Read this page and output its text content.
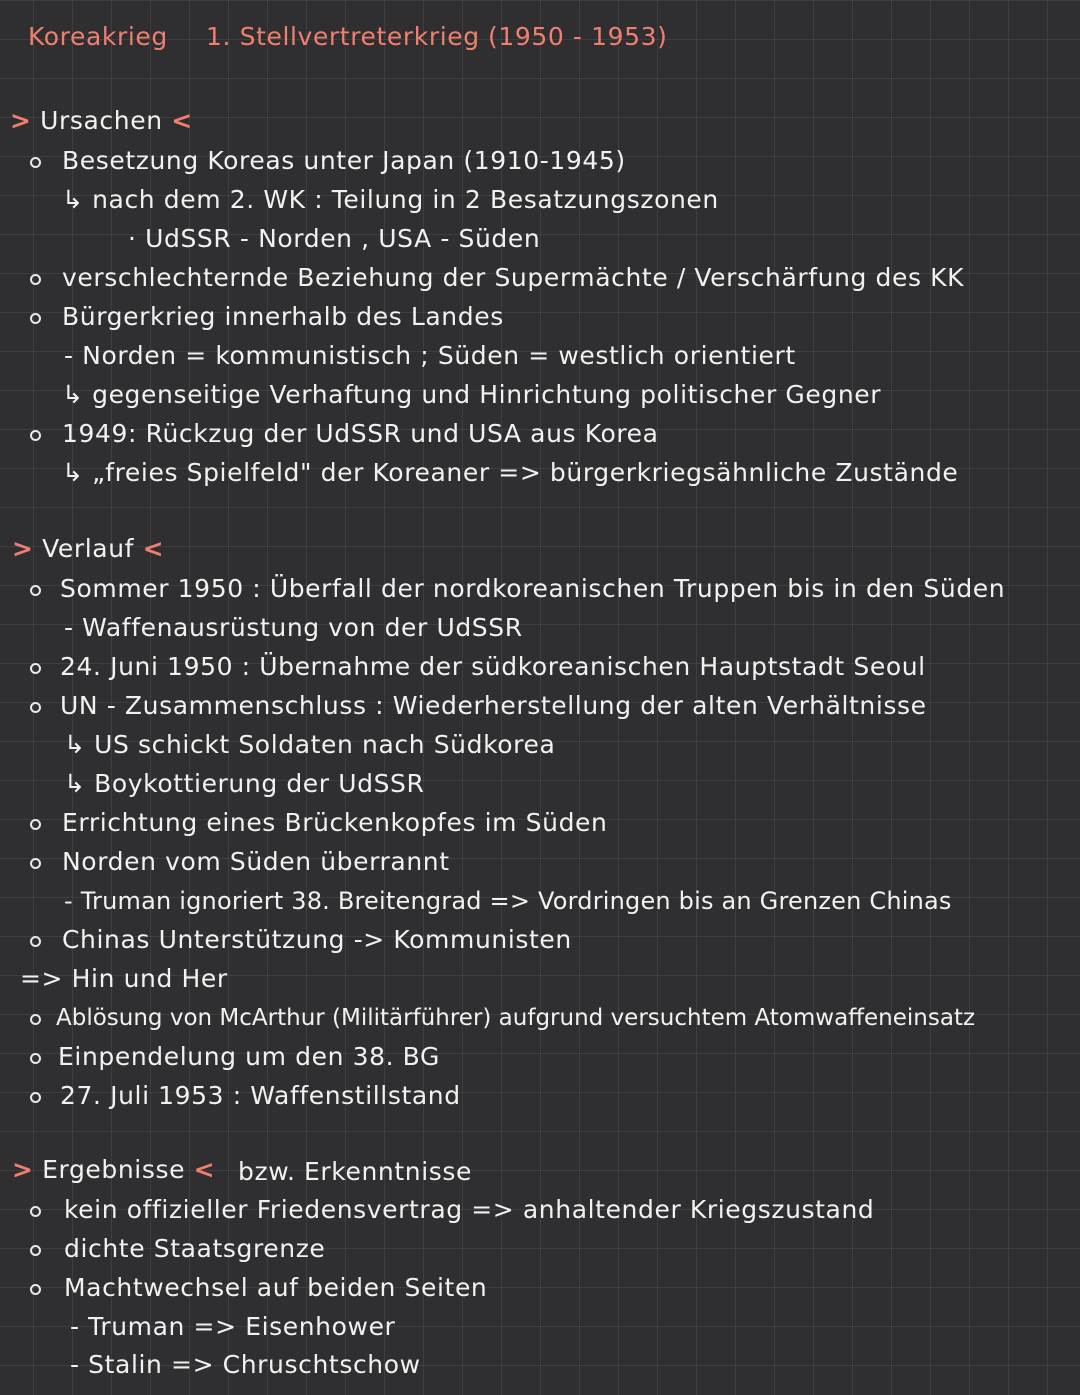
Koreakrieg 1. Stellvertreterkrieg (1950 - 1953)
> Ursachen <
Besetzung Koreas unter Japan (1910-1945)
↳ nach dem 2. WK : Teilung in 2 Besatzungszonen
· UdSSR - Norden , USA - Süden
verschlechternde Beziehung der Supermächte / Verschärfung des KK
Bürgerkrieg innerhalb des Landes
- Norden = kommunistisch ; Süden = westlich orientiert
↳ gegenseitige Verhaftung und Hinrichtung politischer Gegner
1949: Rückzug der UdSSR und USA aus Korea
↳ „freies Spielfeld" der Koreaner => bürgerkriegsähnliche Zustände
> Verlauf <
Sommer 1950 : Überfall der nordkoreanischen Truppen bis in den Süden
- Waffenausrüstung von der UdSSR
24. Juni 1950 : Übernahme der südkoreanischen Hauptstadt Seoul
UN - Zusammenschluss : Wiederherstellung der alten Verhältnisse
↳ US schickt Soldaten nach Südkorea
↳ Boykottierung der UdSSR
Errichtung eines Brückenkopfes im Süden
Norden vom Süden überrannt
- Truman ignoriert 38. Breitengrad => Vordringen bis an Grenzen Chinas
Chinas Unterstützung -> Kommunisten
=> Hin und Her
Ablösung von McArthur (Militärführer) aufgrund versuchtem Atomwaffeneinsatz
Einpendelung um den 38. BG
27. Juli 1953 : Waffenstillstand
> Ergebnisse < bzw. Erkenntnisse
kein offizieller Friedensvertrag => anhaltender Kriegszustand
dichte Staatsgrenze
Machtwechsel auf beiden Seiten
- Truman => Eisenhower
- Stalin => Chruschtschow
